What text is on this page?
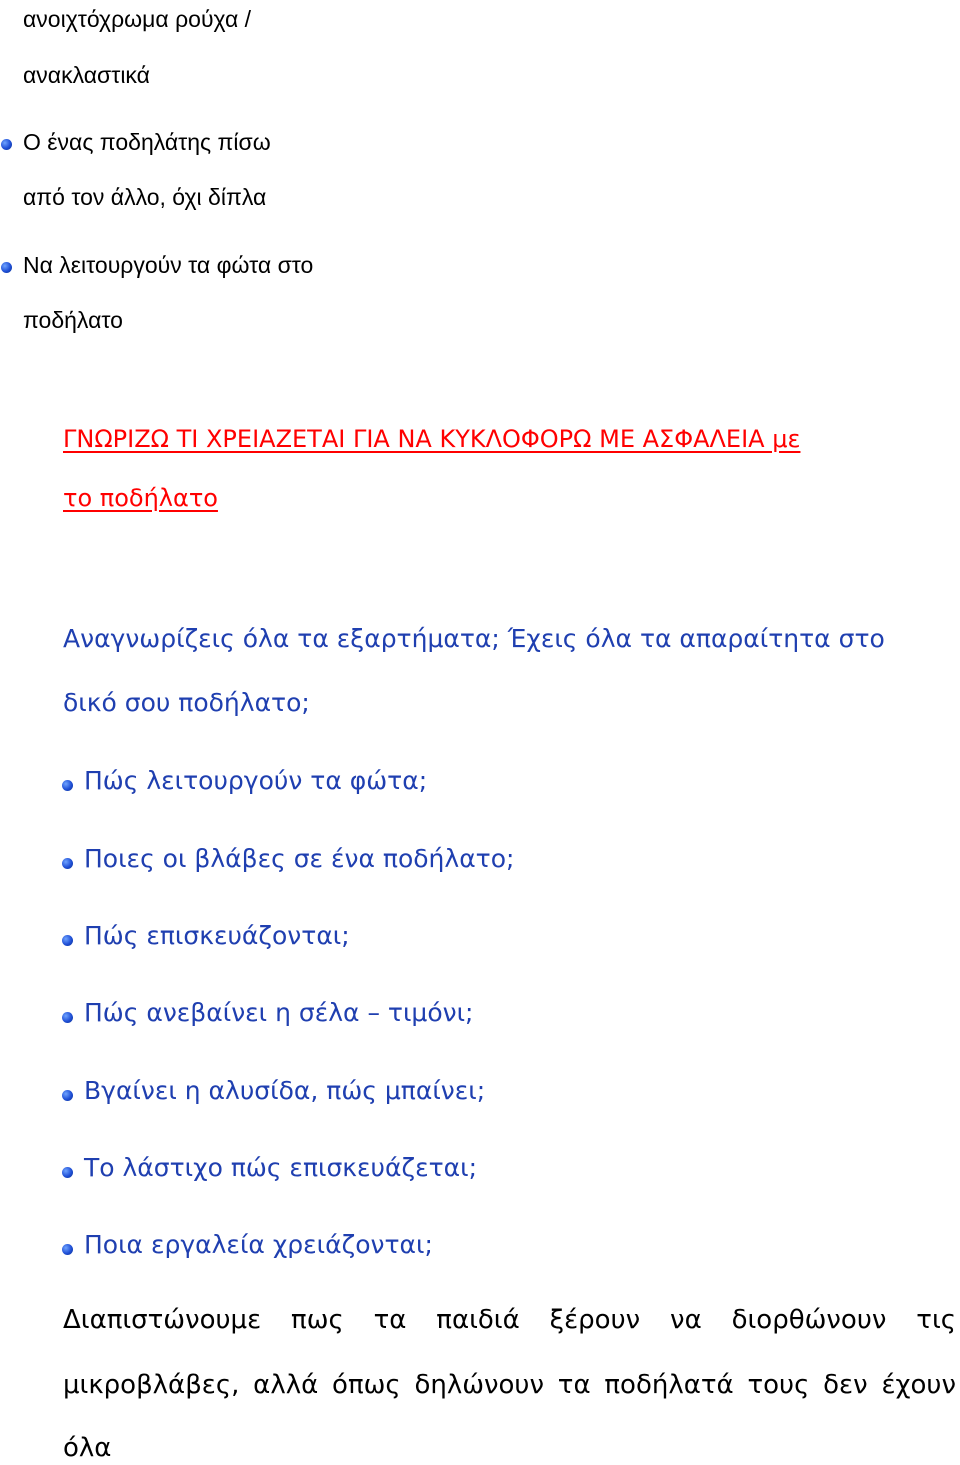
ανοιχτόχρωμα ρούχα /
ανακλαστικά
Ο ένας ποδηλάτης πίσω
από τον άλλο, όχι δίπλα
Να λειτουργούν τα φώτα στο
ποδήλατο
ΓΝΩΡΙΖΩ ΤΙ ΧΡΕΙΑΖΕΤΑΙ ΓΙΑ ΝΑ ΚΥΚΛΟΦΟΡΩ ΜΕ ΑΣΦΑΛΕΙΑ με
το ποδήλατο
Αναγνωρίζεις όλα τα εξαρτήματα; Έχεις όλα τα απαραίτητα στο
δικό σου ποδήλατο;
Πώς λειτουργούν τα φώτα;
Ποιες οι βλάβες σε ένα ποδήλατο;
Πώς επισκευάζονται;
Πώς ανεβαίνει η σέλα – τιμόνι;
Βγαίνει η αλυσίδα, πώς μπαίνει;
Το λάστιχο πώς επισκευάζεται;
Ποια εργαλεία χρειάζονται;
Διαπιστώνουμε πως τα παιδιά ξέρουν να διορθώνουν τις
μικροβλάβες, αλλά όπως δηλώνουν τα ποδήλατά τους δεν έχουν
όλα
